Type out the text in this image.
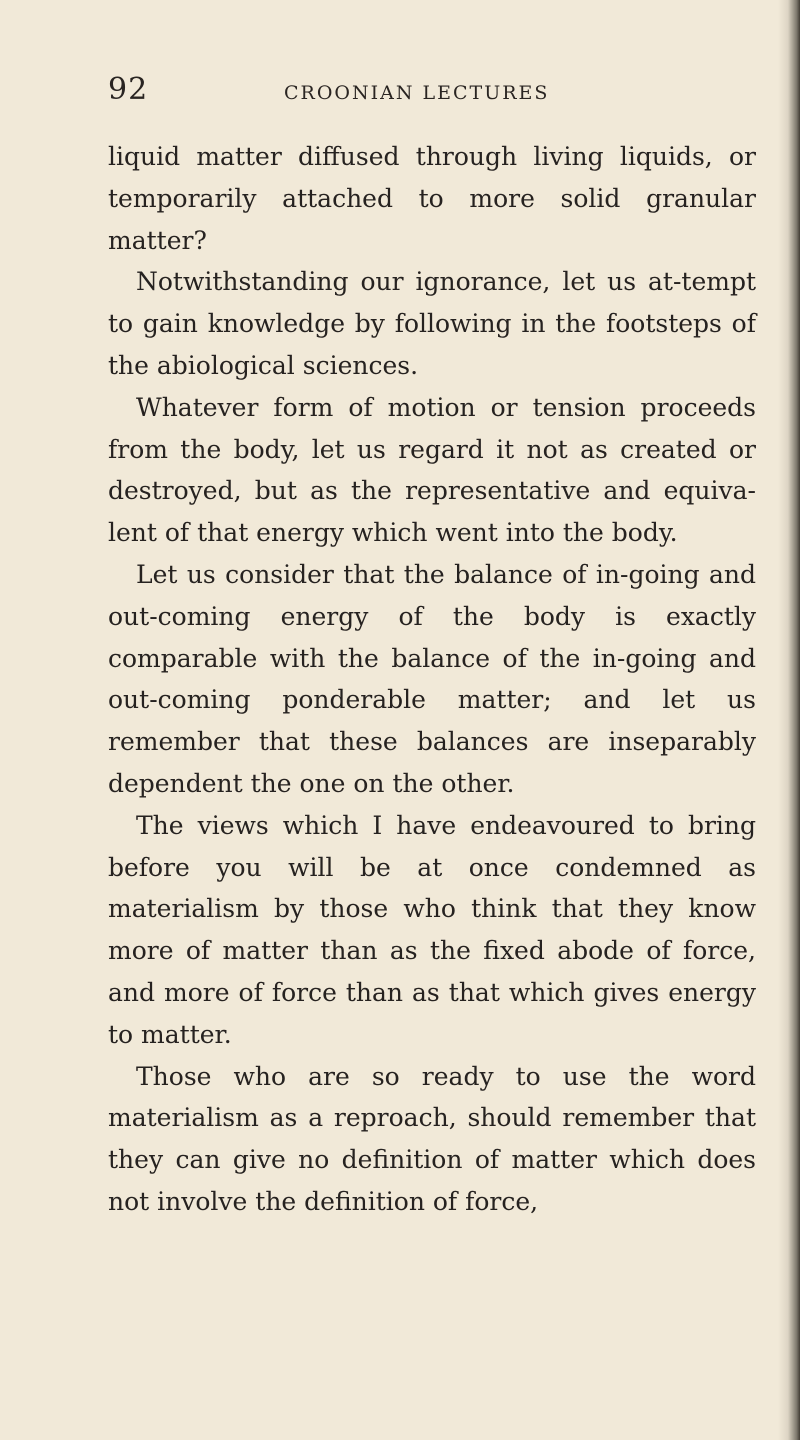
92	CROONIAN LECTURES

liquid matter diffused through living liquids, or temporarily attached to more solid granular matter?

Notwithstanding our ignorance, let us at-tempt to gain knowledge by following in the footsteps of the abiological sciences.

Whatever form of motion or tension proceeds from the body, let us regard it not as created or destroyed, but as the representative and equiva-lent of that energy which went into the body.

Let us consider that the balance of in-going and out-coming energy of the body is exactly comparable with the balance of the in-going and out-coming ponderable matter; and let us remember that these balances are inseparably dependent the one on the other.

The views which I have endeavoured to bring before you will be at once condemned as materialism by those who think that they know more of matter than as the fixed abode of force, and more of force than as that which gives energy to matter.

Those who are so ready to use the word materialism as a reproach, should remember that they can give no definition of matter which does not involve the definition of force,
